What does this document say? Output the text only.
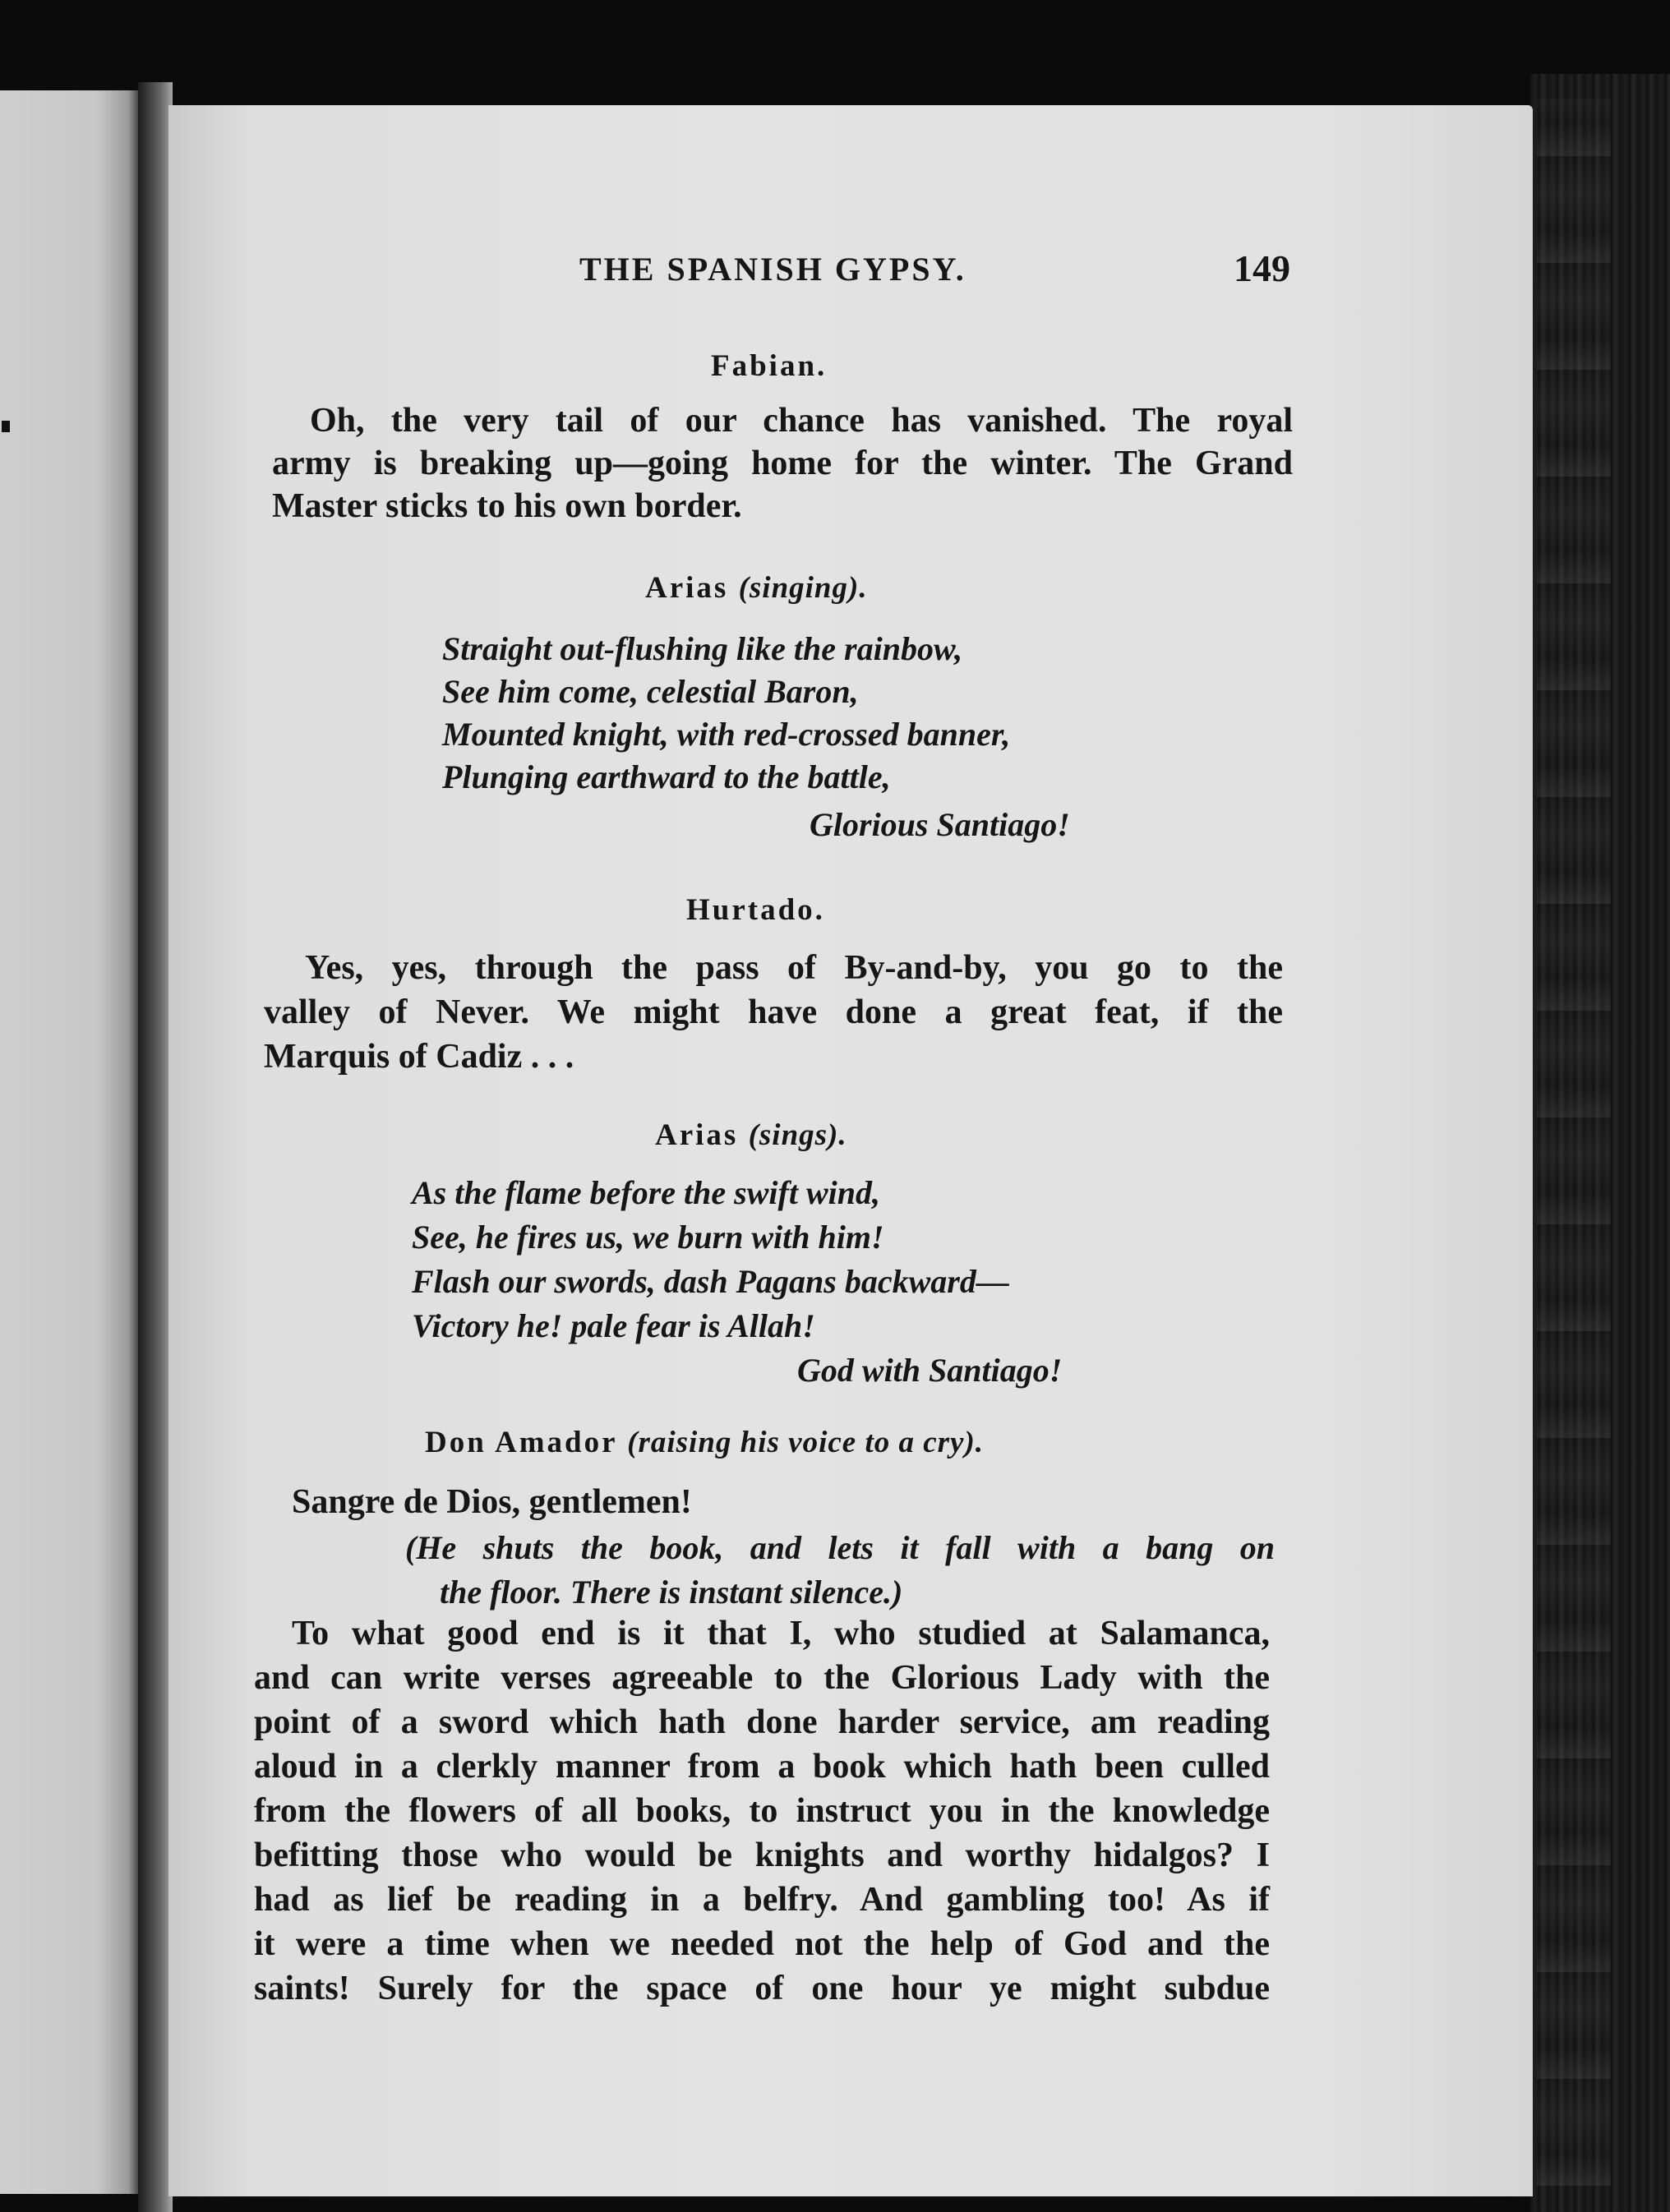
THE SPANISH GYPSY.	149
Fabian.
Oh, the very tail of our chance has vanished. The royal
army is breaking up—going home for the winter. The Grand
Master sticks to his own border.
Arias (singing).
Straight out-flushing like the rainbow,
See him come, celestial Baron,
Mounted knight, with red-crossed banner,
Plunging earthward to the battle,
Glorious Santiago!
Hurtado.
Yes, yes, through the pass of By-and-by, you go to the
valley of Never. We might have done a great feat, if the
Marquis of Cadiz . . .
Arias (sings).
As the flame before the swift wind,
See, he fires us, we burn with him!
Flash our swords, dash Pagans backward—
Victory he! pale fear is Allah!
God with Santiago!
Don Amador (raising his voice to a cry).
Sangre de Dios, gentlemen!
(He shuts the book, and lets it fall with a bang on
the floor. There is instant silence.)
To what good end is it that I, who studied at Salamanca,
and can write verses agreeable to the Glorious Lady with the
point of a sword which hath done harder service, am reading
aloud in a clerkly manner from a book which hath been culled
from the flowers of all books, to instruct you in the knowledge
befitting those who would be knights and worthy hidalgos? I
had as lief be reading in a belfry. And gambling too! As if
it were a time when we needed not the help of God and the
saints! Surely for the space of one hour ye might subdue
